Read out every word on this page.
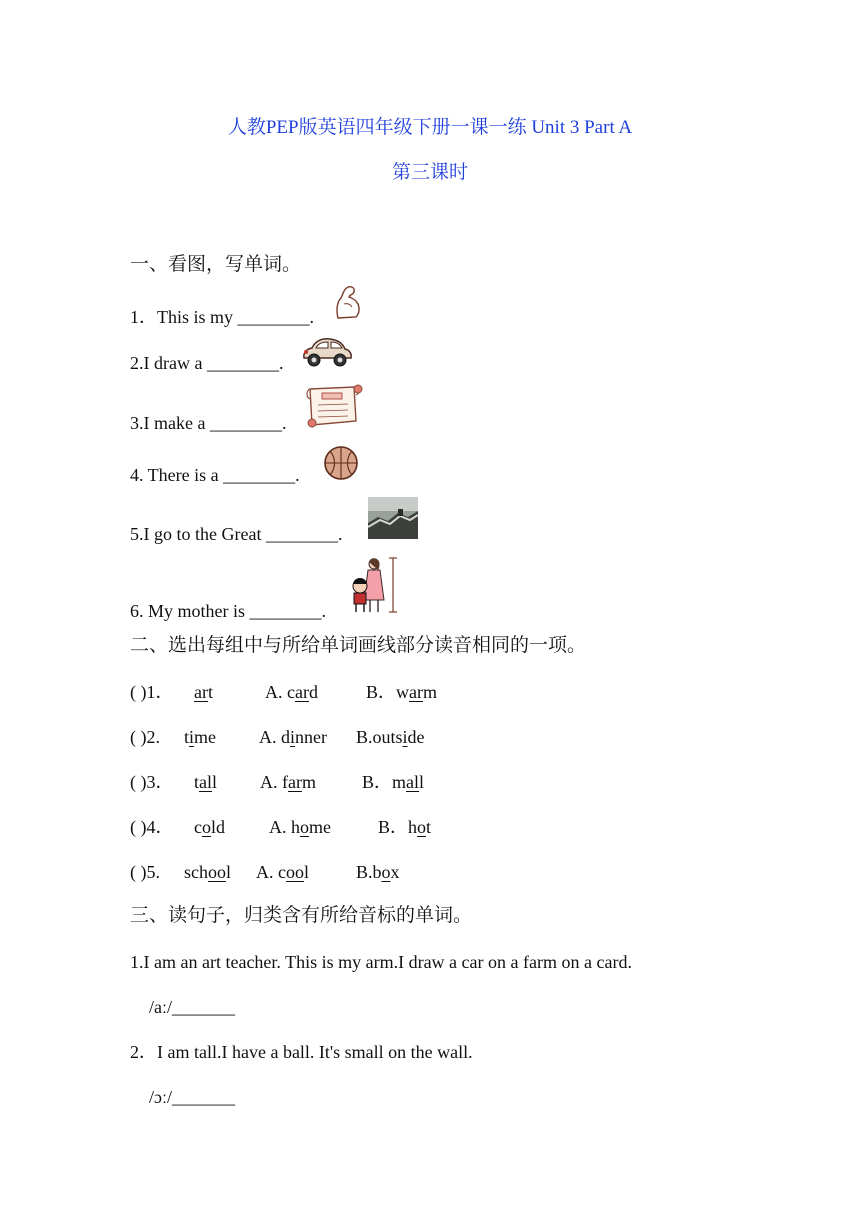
人教PEP版英语四年级下册一课一练 Unit 3 Part A
第三课时
一、看图，写单词。
1．This is my ________.
2.I draw a ________.
3.I make a ________.
4. There is a ________.
5.I go to the Great ________.
6. My mother is ________.
二、选出每组中与所给单词画线部分读音相同的一项。
( )1． art	A. card	B．warm
( )2. time A. dinner B.outside
( )3． tall A. farm	B．mall
( )4． cold A. home	B．hot
( )5. school A. cool	B.box
三、读句子，归类含有所给音标的单词。
1.I am an art teacher. This is my arm.I draw a car on a farm on a card.
/aː/_______
2．I am tall.I have a ball. It's small on the wall.
/ɔː/_______
